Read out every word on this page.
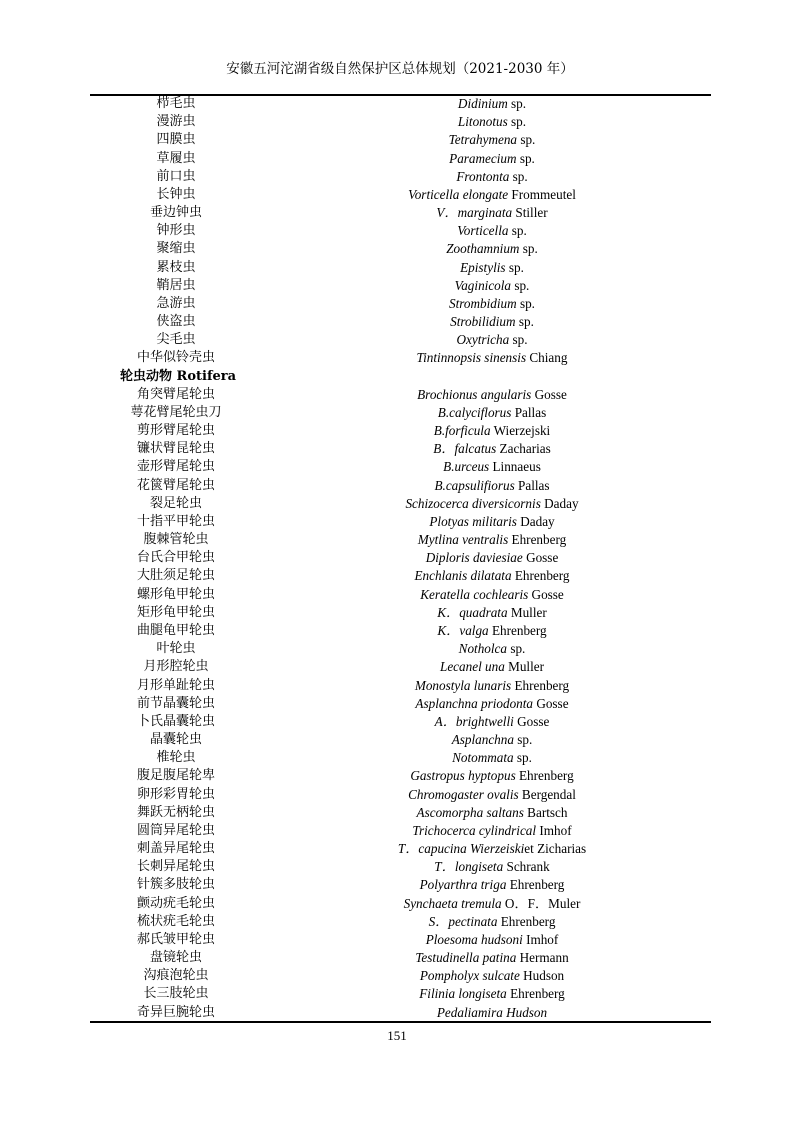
安徽五河沱湖省级自然保护区总体规划（2021-2030 年）
栉毛虫	Didinium sp.
漫游虫	Litonotus sp.
四膜虫	Tetrahymena sp.
草履虫	Paramecium sp.
前口虫	Frontonta sp.
长钟虫	Vorticella elongate Frommeutel
垂边钟虫	V．marginata Stiller
钟形虫	Vorticella sp.
聚缩虫	Zoothamnium sp.
累枝虫	Epistylis sp.
鞘居虫	Vaginicola sp.
急游虫	Strombidium sp.
侠盗虫	Strobilidium sp.
尖毛虫	Oxytricha sp.
中华似铃壳虫	Tintinnopsis sinensis Chiang
轮虫动物 Rotifera
角突臂尾轮虫	Brochionus angularis Gosse
萼花臂尾轮虫刀	B.calyciflorus Pallas
剪形臂尾轮虫	B.forficula Wierzejski
镰状臂昆轮虫	B．falcatus Zacharias
壶形臂尾轮虫	B.urceus Linnaeus
花篋臂尾轮虫	B.capsulifiorus Pallas
裂足轮虫	Schizocerca diversicornis Daday
十指平甲轮虫	Plotyas militaris Daday
腹棘管轮虫	Mytlina ventralis Ehrenberg
台氏合甲轮虫	Diploris daviesiae Gosse
大肚须足轮虫	Enchlanis dilatata Ehrenberg
螺形龟甲轮虫	Keratella cochlearis Gosse
矩形龟甲轮虫	K．quadrata Muller
曲腿龟甲轮虫	K．valga Ehrenberg
叶轮虫	Notholca sp.
月形腔轮虫	Lecanel una Muller
月形单趾轮虫	Monostyla lunaris Ehrenberg
前节晶囊轮虫	Asplanchna priodonta Gosse
卜氏晶囊轮虫	A．brightwelli Gosse
晶囊轮虫	Asplanchna sp.
椎轮虫	Notommata sp.
腹足腹尾轮卑	Gastropus hyptopus Ehrenberg
卵形彩胃轮虫	Chromogaster ovalis Bergendal
舞跃无柄轮虫	Ascomorpha saltans Bartsch
圆筒异尾轮虫	Trichocerca cylindrical Imhof
刺盖异尾轮虫	T．capucina Wierzeiskiet Zicharias
长刺异尾轮虫	T．longiseta Schrank
针簇多肢轮虫	Polyarthra triga Ehrenberg
颤动疣毛轮虫	Synchaeta tremula O．F．Muler
梳状疣毛轮虫	S．pectinata Ehrenberg
郝氏皱甲轮虫	Ploesoma hudsoni Imhof
盘镜轮虫	Testudinella patina Hermann
沟痕泡轮虫	Pompholyx sulcate Hudson
长三肢轮虫	Filinia longiseta Ehrenberg
奇异巨腕轮虫	Pedaliamira Hudson
151
